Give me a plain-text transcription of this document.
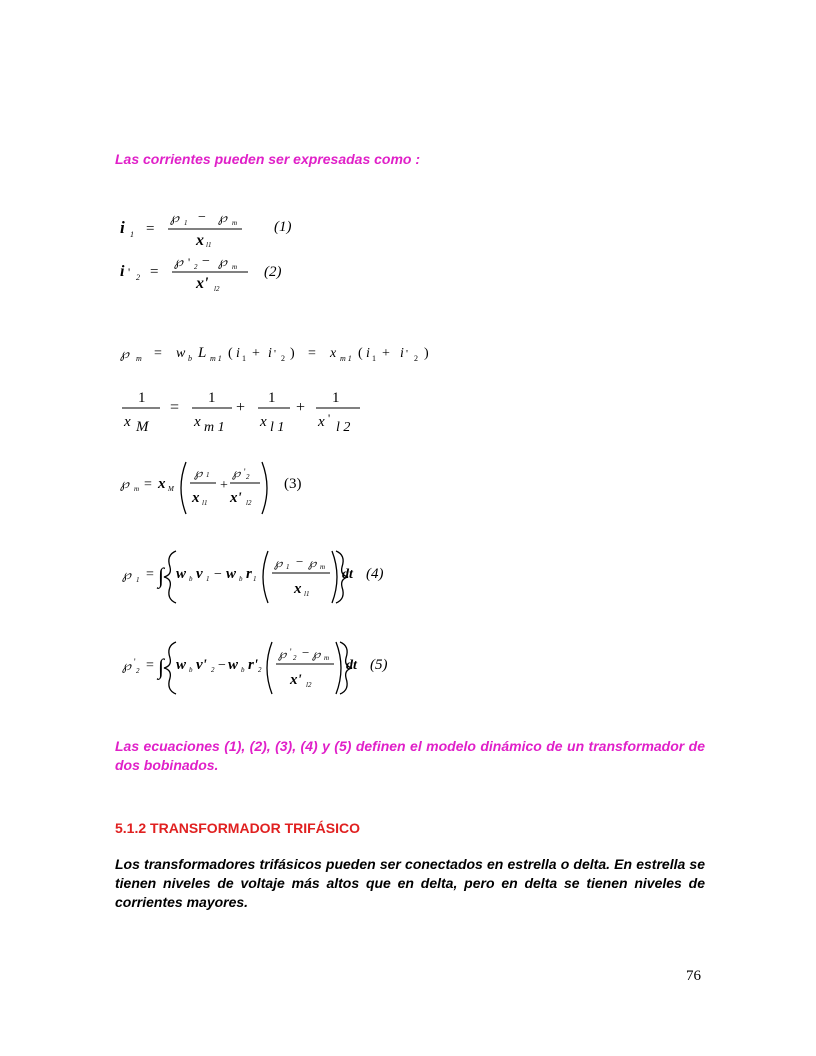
Las corrientes pueden ser expresadas como :
i 1 =
℘ 1 − ℘ m
x l1
(1)
i ' 2 =
℘ ' 2 − ℘ m
x' l2
(2)
℘ m = w b L m 1 ( i 1 + i ' 2 ) = x m 1 ( i 1 + i ' 2 )
1
x M
=
1
x m 1
+
1
x l 1
+
1
x '
l 2
℘ m = x M
℘ 1
x l1
+
℘ ' 2
x' l2
(3)
℘ 1 = ∫ w b v 1 − w b r 1
℘ 1 − ℘ m
x l1
dt (4)
℘ '
2 = ∫ w b v' 2 − w b r' 2
℘ '
2 − ℘ m
x' l2
dt (5)
Las ecuaciones (1), (2), (3), (4) y (5) definen el modelo dinámico de un transformador de dos bobinados.
5.1.2 TRANSFORMADOR TRIFÁSICO
Los transformadores trifásicos pueden ser conectados en estrella o delta. En estrella se tienen niveles de voltaje más altos que en delta, pero en delta se tienen niveles de corrientes mayores.
76
